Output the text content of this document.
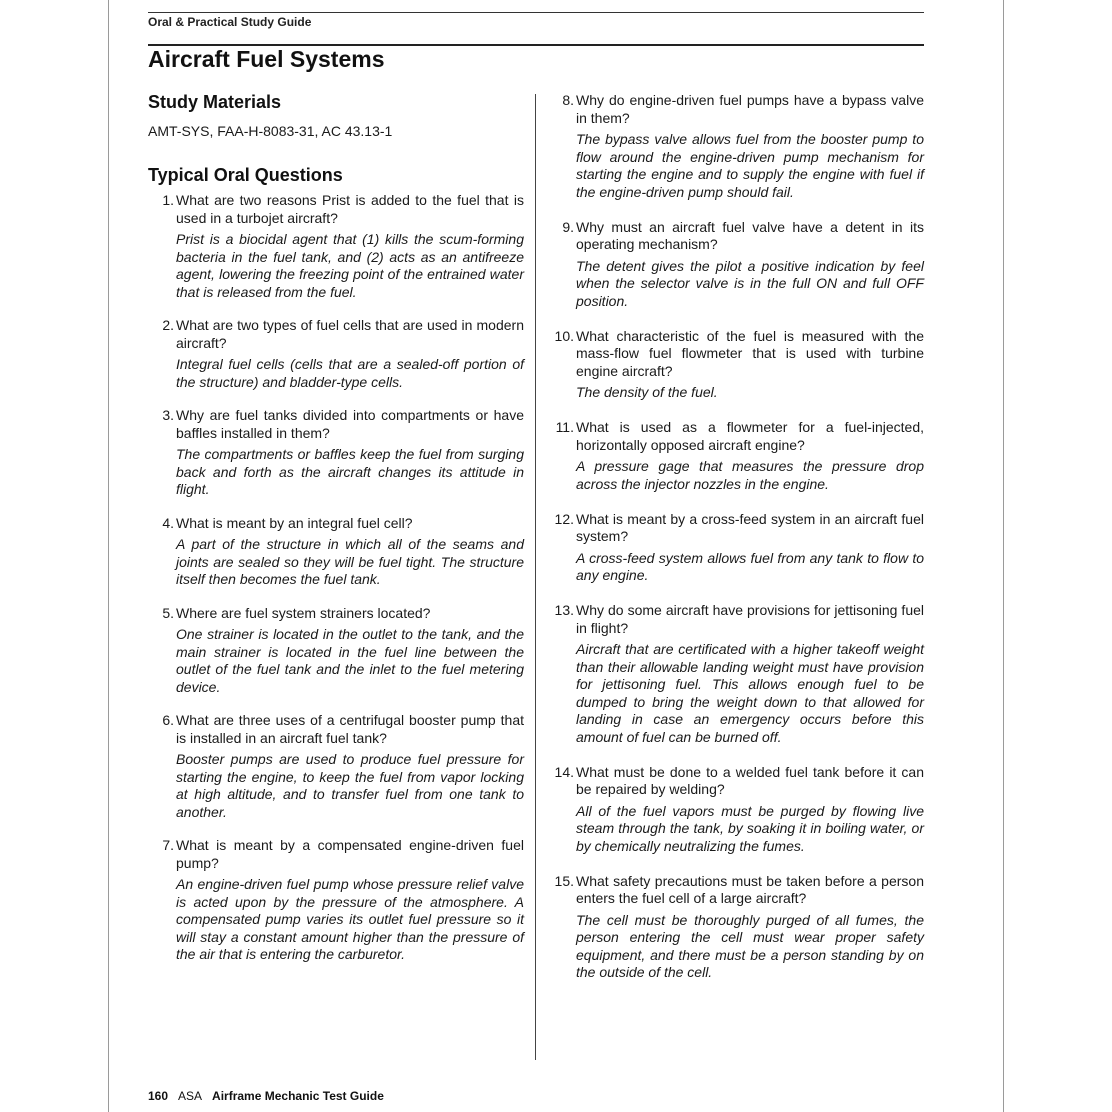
Oral & Practical Study Guide
Aircraft Fuel Systems
Study Materials

AMT-SYS, FAA-H-8083-31, AC 43.13-1

Typical Oral Questions
1. What are two reasons Prist is added to the fuel that is used in a turbojet aircraft?
Prist is a biocidal agent that (1) kills the scum-forming bacteria in the fuel tank, and (2) acts as an antifreeze agent, lowering the freezing point of the entrained water that is released from the fuel.
2. What are two types of fuel cells that are used in modern aircraft?
Integral fuel cells (cells that are a sealed-off portion of the structure) and bladder-type cells.
3. Why are fuel tanks divided into compartments or have baffles installed in them?
The compartments or baffles keep the fuel from surging back and forth as the aircraft changes its attitude in flight.
4. What is meant by an integral fuel cell?
A part of the structure in which all of the seams and joints are sealed so they will be fuel tight. The structure itself then becomes the fuel tank.
5. Where are fuel system strainers located?
One strainer is located in the outlet to the tank, and the main strainer is located in the fuel line between the outlet of the fuel tank and the inlet to the fuel metering device.
6. What are three uses of a centrifugal booster pump that is installed in an aircraft fuel tank?
Booster pumps are used to produce fuel pressure for starting the engine, to keep the fuel from vapor locking at high altitude, and to transfer fuel from one tank to another.
7. What is meant by a compensated engine-driven fuel pump?
An engine-driven fuel pump whose pressure relief valve is acted upon by the pressure of the atmosphere. A compensated pump varies its outlet fuel pressure so it will stay a constant amount higher than the pressure of the air that is entering the carburetor.
8. Why do engine-driven fuel pumps have a bypass valve in them?
The bypass valve allows fuel from the booster pump to flow around the engine-driven pump mechanism for starting the engine and to supply the engine with fuel if the engine-driven pump should fail.
9. Why must an aircraft fuel valve have a detent in its operating mechanism?
The detent gives the pilot a positive indication by feel when the selector valve is in the full ON and full OFF position.
10. What characteristic of the fuel is measured with the mass-flow fuel flowmeter that is used with turbine engine aircraft?
The density of the fuel.
11. What is used as a flowmeter for a fuel-injected, horizontally opposed aircraft engine?
A pressure gage that measures the pressure drop across the injector nozzles in the engine.
12. What is meant by a cross-feed system in an aircraft fuel system?
A cross-feed system allows fuel from any tank to flow to any engine.
13. Why do some aircraft have provisions for jettisoning fuel in flight?
Aircraft that are certificated with a higher takeoff weight than their allowable landing weight must have provision for jettisoning fuel. This allows enough fuel to be dumped to bring the weight down to that allowed for landing in case an emergency occurs before this amount of fuel can be burned off.
14. What must be done to a welded fuel tank before it can be repaired by welding?
All of the fuel vapors must be purged by flowing live steam through the tank, by soaking it in boiling water, or by chemically neutralizing the fumes.
15. What safety precautions must be taken before a person enters the fuel cell of a large aircraft?
The cell must be thoroughly purged of all fumes, the person entering the cell must wear proper safety equipment, and there must be a person standing by on the outside of the cell.
160 ASA Airframe Mechanic Test Guide
